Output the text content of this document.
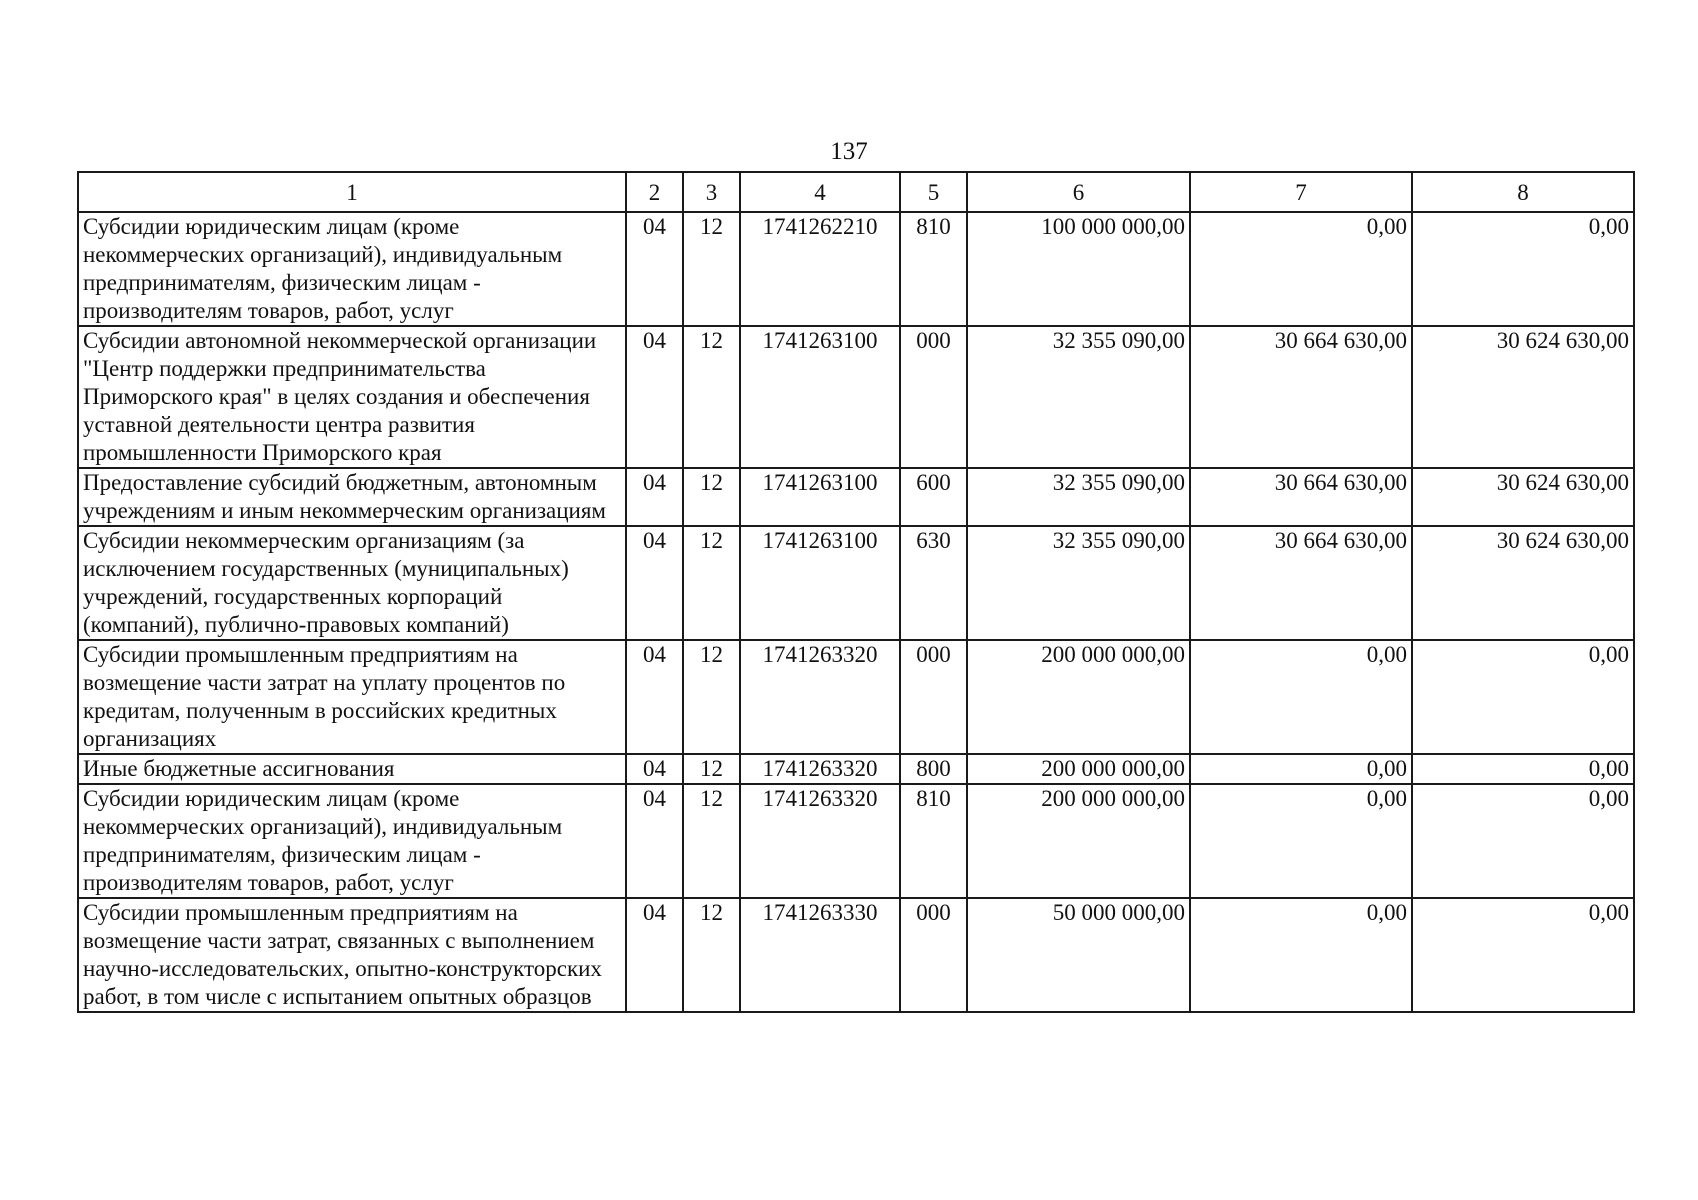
137
1	2	3	4	5	6	7	8
Субсидии юридическим лицам (кроме некоммерческих организаций), индивидуальным предпринимателям, физическим лицам - производителям товаров, работ, услуг	04	12	1741262210	810	100 000 000,00	0,00	0,00
Субсидии автономной некоммерческой организации "Центр поддержки предпринимательства Приморского края" в целях создания и обеспечения уставной деятельности центра развития промышленности Приморского края	04	12	1741263100	000	32 355 090,00	30 664 630,00	30 624 630,00
Предоставление субсидий бюджетным, автономным учреждениям и иным некоммерческим организациям	04	12	1741263100	600	32 355 090,00	30 664 630,00	30 624 630,00
Субсидии некоммерческим организациям (за исключением государственных (муниципальных) учреждений, государственных корпораций (компаний), публично-правовых компаний)	04	12	1741263100	630	32 355 090,00	30 664 630,00	30 624 630,00
Субсидии промышленным предприятиям на возмещение части затрат на уплату процентов по кредитам, полученным в российских кредитных организациях	04	12	1741263320	000	200 000 000,00	0,00	0,00
Иные бюджетные ассигнования	04	12	1741263320	800	200 000 000,00	0,00	0,00
Субсидии юридическим лицам (кроме некоммерческих организаций), индивидуальным предпринимателям, физическим лицам - производителям товаров, работ, услуг	04	12	1741263320	810	200 000 000,00	0,00	0,00
Субсидии промышленным предприятиям на возмещение части затрат, связанных с выполнением научно-исследовательских, опытно-конструкторских работ, в том числе с испытанием опытных образцов	04	12	1741263330	000	50 000 000,00	0,00	0,00
